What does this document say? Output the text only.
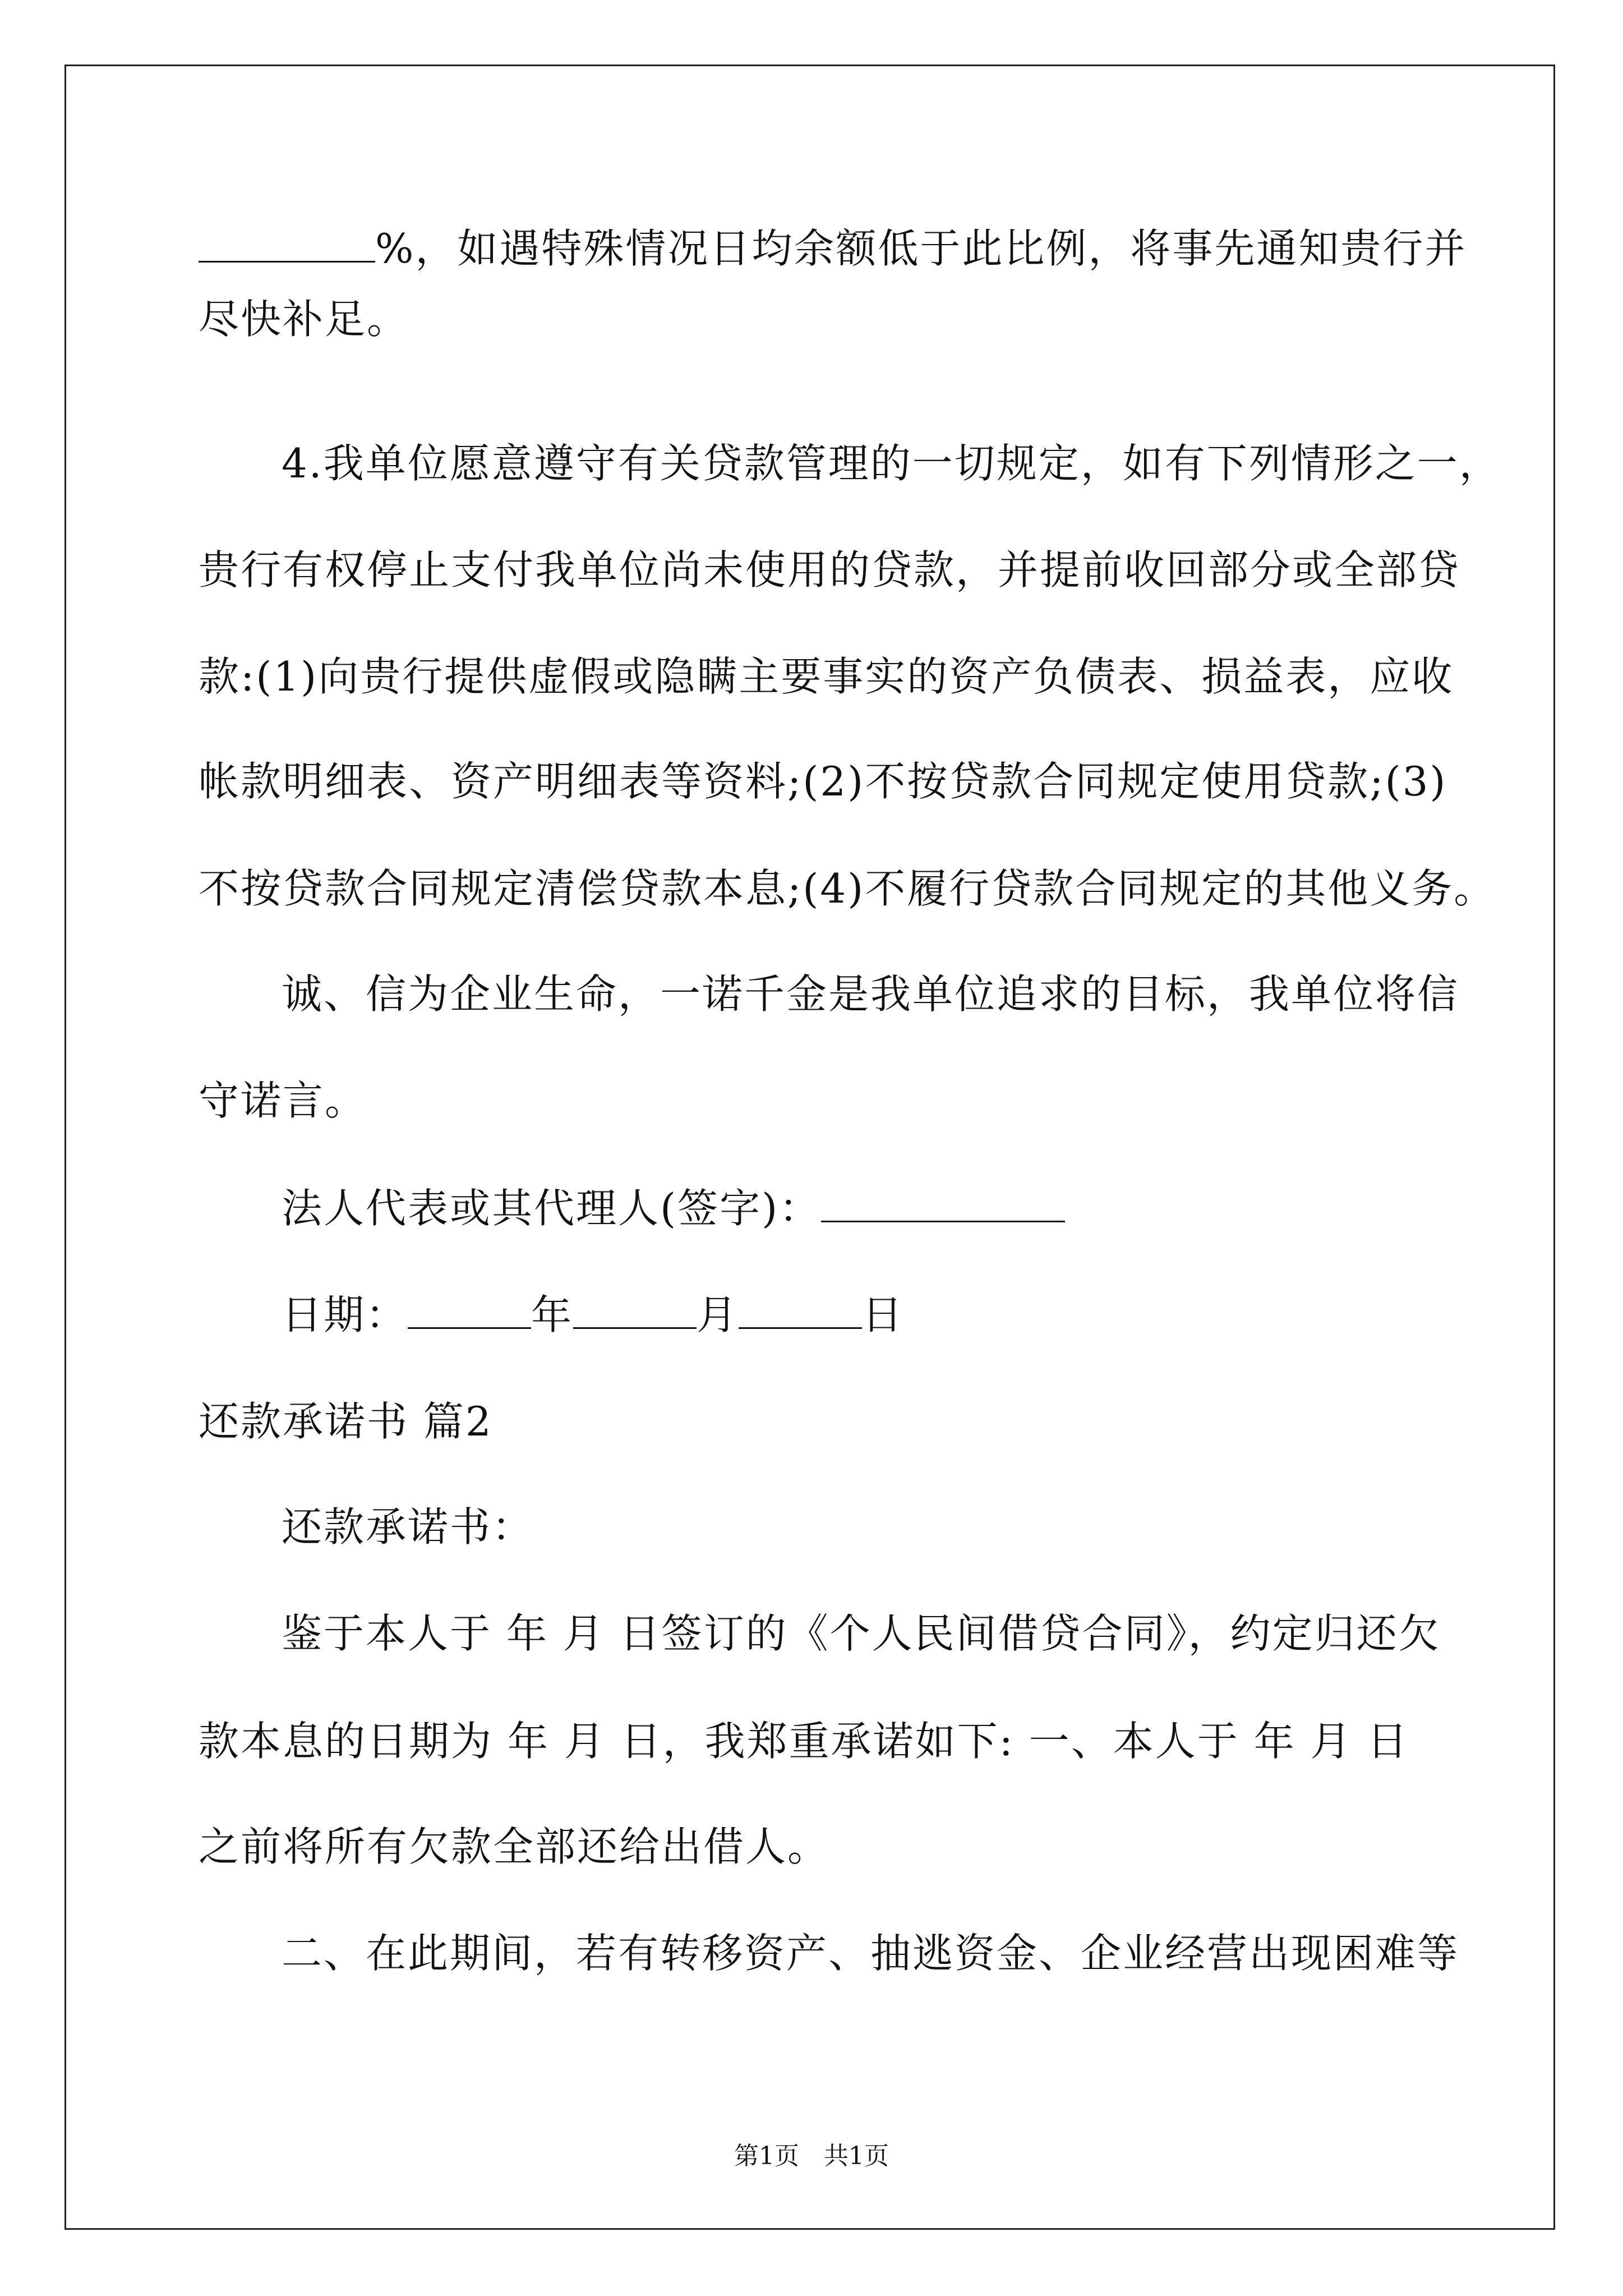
%，如遇特殊情况日均余额低于此比例，将事先通知贵行并
尽快补足。
4.我单位愿意遵守有关贷款管理的一切规定，如有下列情形之一，
贵行有权停止支付我单位尚未使用的贷款，并提前收回部分或全部贷
款:(1)向贵行提供虚假或隐瞒主要事实的资产负债表、损益表，应收
帐款明细表、资产明细表等资料;(2)不按贷款合同规定使用贷款;(3)
不按贷款合同规定清偿贷款本息;(4)不履行贷款合同规定的其他义务。
诚、信为企业生命，一诺千金是我单位追求的目标，我单位将信
守诺言。
法人代表或其代理人(签字)：
日期：	年	月	日
还款承诺书 篇2
还款承诺书：
鉴于本人于 年 月 日签订的《个人民间借贷合同》，约定归还欠
款本息的日期为 年 月 日，我郑重承诺如下: 一、本人于 年 月 日
之前将所有欠款全部还给出借人。
二、在此期间，若有转移资产、抽逃资金、企业经营出现困难等
第1页　共1页
